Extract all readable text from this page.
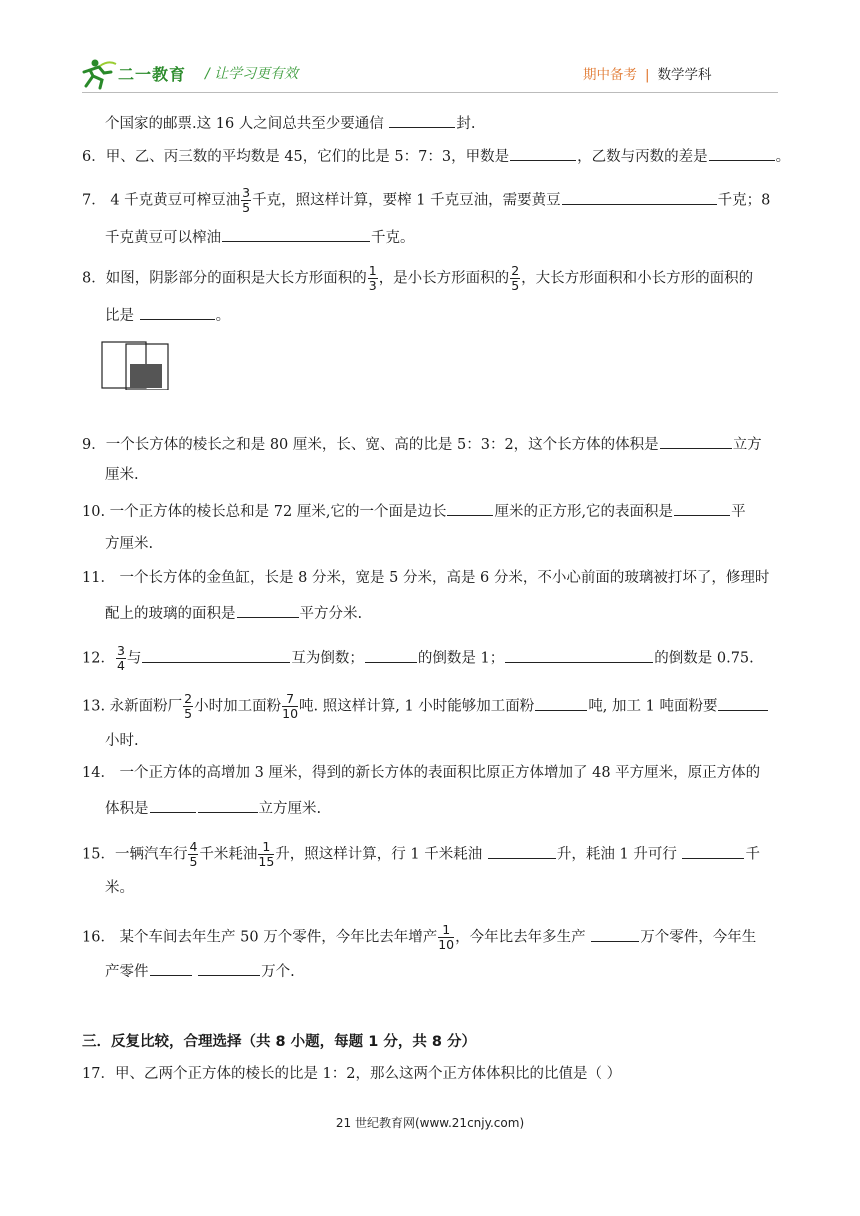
二一教育 / 让学习更有效	期中备考 | 数学学科
个国家的邮票.这 16 人之间总共至少要通信	封.
6．甲、乙、丙三数的平均数是 45，它们的比是 5：7：3，甲数是	，乙数与丙数的差是	。
7． 4 千克黄豆可榨豆油 $\frac{3}{5}$ 千克，照这样计算，要榨 1 千克豆油，需要黄豆	千克；8
千克黄豆可以榨油	千克。
8．如图，阴影部分的面积是大长方形面积的 $\frac{1}{3}$ ，是小长方形面积的 $\frac{2}{5}$ ，大长方形面积和小长方形的面积的
比是	。
9．一个长方体的棱长之和是 80 厘米，长、宽、高的比是 5：3：2，这个长方体的体积是	立方
厘米.
10. 一个正方体的棱长总和是 72 厘米,它的一个面是边长	厘米的正方形,它的表面积是	平
方厘米.
11． 一个长方体的金鱼缸，长是 8 分米，宽是 5 分米，高是 6 分米，不小心前面的玻璃被打坏了，修理时
配上的玻璃的面积是	平方分米.
12． $\frac{3}{4}$ 与	互为倒数；	的倒数是 1；	的倒数是 0.75.
13. 永新面粉厂 $\frac{2}{5}$ 小时加工面粉 $\frac{7}{10}$ 吨. 照这样计算, 1 小时能够加工面粉	吨, 加工 1 吨面粉要
小时.
14． 一个正方体的高增加 3 厘米，得到的新长方体的表面积比原正方体增加了 48 平方厘米，原正方体的
体积是	立方厘米.
15．一辆汽车行 $\frac{4}{5}$ 千米耗油 $\frac{1}{15}$ 升，照这样计算，行 1 千米耗油	升，耗油 1 升可行	千
米。
16． 某个车间去年生产 50 万个零件，今年比去年增产 $\frac{1}{10}$ ，今年比去年多生产	万个零件，今年生
产零件	万个.
三．反复比较，合理选择（共 8 小题，每题 1 分，共 8 分）
17．甲、乙两个正方体的棱长的比是 1：2，那么这两个正方体体积比的比值是（ ）
21 世纪教育网(www.21cnjy.com)
